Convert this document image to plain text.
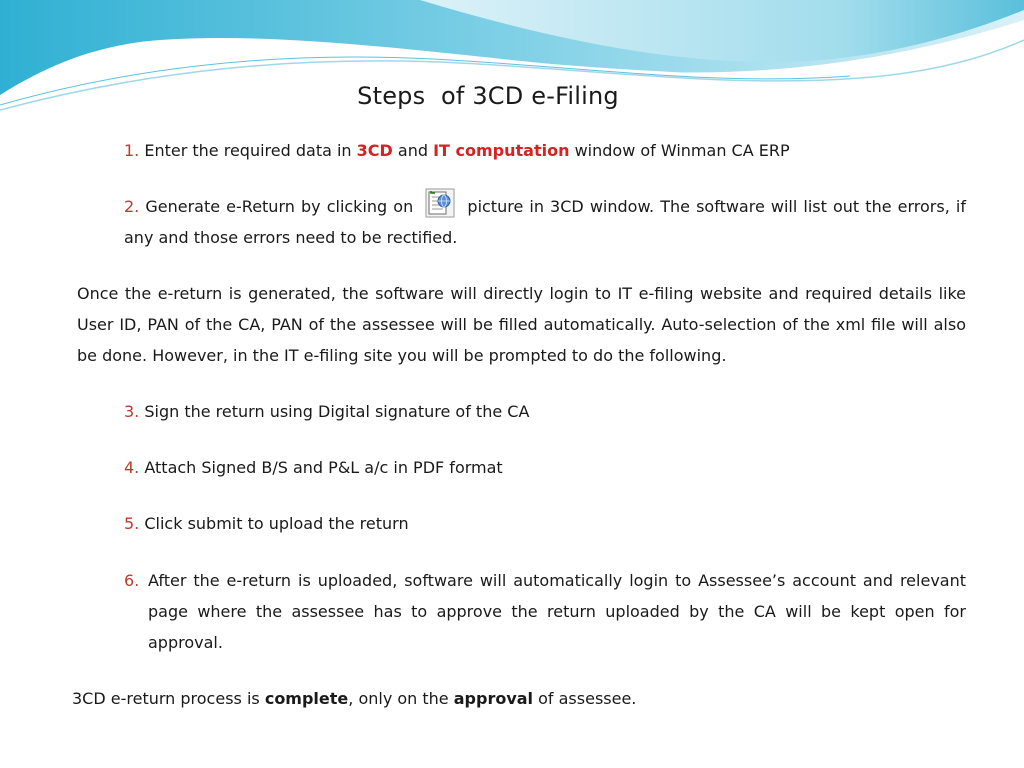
Steps  of 3CD e-Filing

1. Enter the required data in 3CD and IT computation window of Winman CA ERP

2. Generate e-Return by clicking on	picture in 3CD window. The software will list out the errors, if any and those errors need to be rectified.

Once the e-return is generated, the software will directly login to IT e-filing website and required details like User ID, PAN of the CA, PAN of the assessee will be filled automatically. Auto-selection of the xml file will also be done. However, in the IT e-filing site you will be prompted to do the following.

3. Sign the return using Digital signature of the CA

4. Attach Signed B/S and P&L a/c in PDF format

5. Click submit to upload the return

6. After the e-return is uploaded, software will automatically login to Assessee’s account and relevant page where the assessee has to approve the return uploaded by the CA will be kept open for approval.

3CD e-return process is complete, only on the approval of assessee.
